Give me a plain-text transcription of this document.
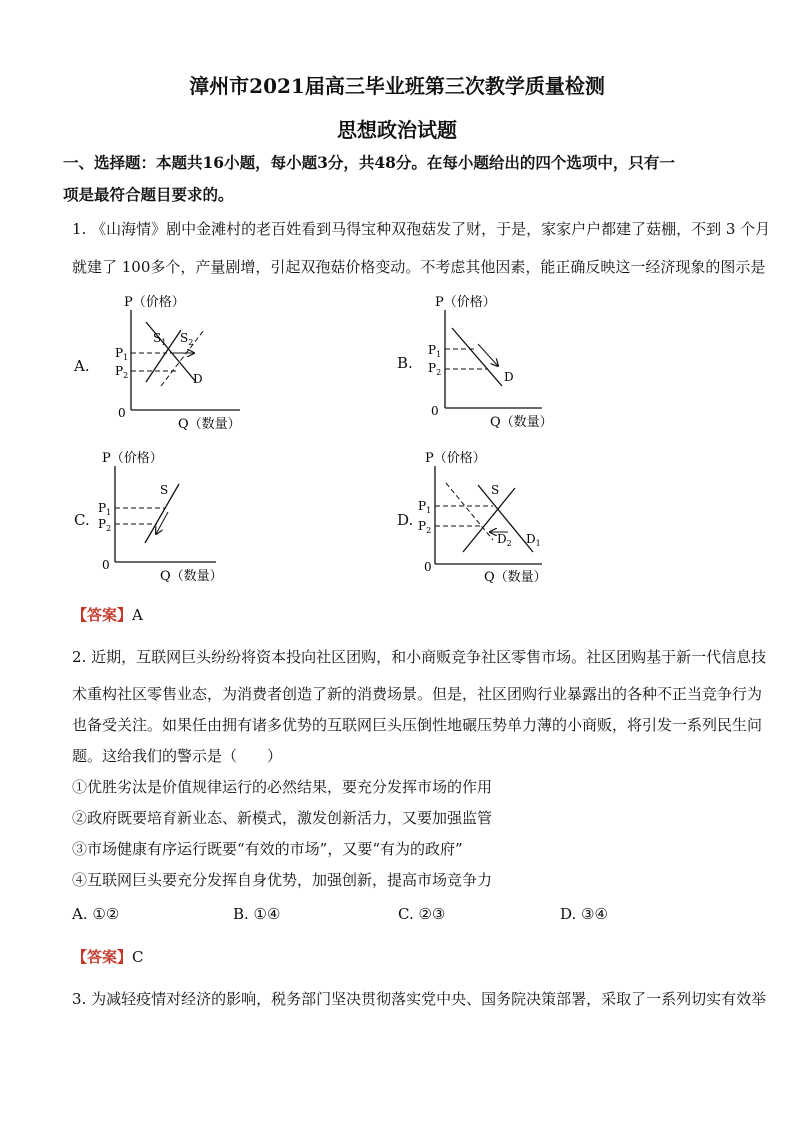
漳州市2021届高三毕业班第三次教学质量检测
思想政治试题
一、选择题：本题共16小题，每小题3分，共48分。在每小题给出的四个选项中，只有一
项是最符合题目要求的。
1. 《山海情》剧中金滩村的老百姓看到马得宝种双孢菇发了财，于是，家家户户都建了菇棚，不到 3 个月
就建了 100多个，产量剧增，引起双孢菇价格变动。不考虑其他因素，能正确反映这一经济现象的图示是
A.
P（价格）
Q（数量）
0
$P_1$
$P_2$
$S_1$ $S_2$
D
B.
P（价格）
Q（数量）
0
$P_1$
$P_2$	D
C.
P（价格）
Q（数量）
0
$P_1$
$P_2$
S
D.
P（价格）
Q（数量）
0
$P_1$
$P_2$
S
$D_2$ $D_1$
【答案】A
2. 近期，互联网巨头纷纷将资本投向社区团购，和小商贩竞争社区零售市场。社区团购基于新一代信息技
术重构社区零售业态，为消费者创造了新的消费场景。但是，社区团购行业暴露出的各种不正当竞争行为
也备受关注。如果任由拥有诸多优势的互联网巨头压倒性地碾压势单力薄的小商贩，将引发一系列民生问
题。这给我们的警示是（　　）
①优胜劣汰是价值规律运行的必然结果，要充分发挥市场的作用
②政府既要培育新业态、新模式，激发创新活力，又要加强监管
③市场健康有序运行既要“有效的市场”，又要“有为的政府”
④互联网巨头要充分发挥自身优势，加强创新，提高市场竞争力
A. ①②	B. ①④	C. ②③	D. ③④
【答案】C
3. 为减轻疫情对经济的影响，税务部门坚决贯彻落实党中央、国务院决策部署，采取了一系列切实有效举
